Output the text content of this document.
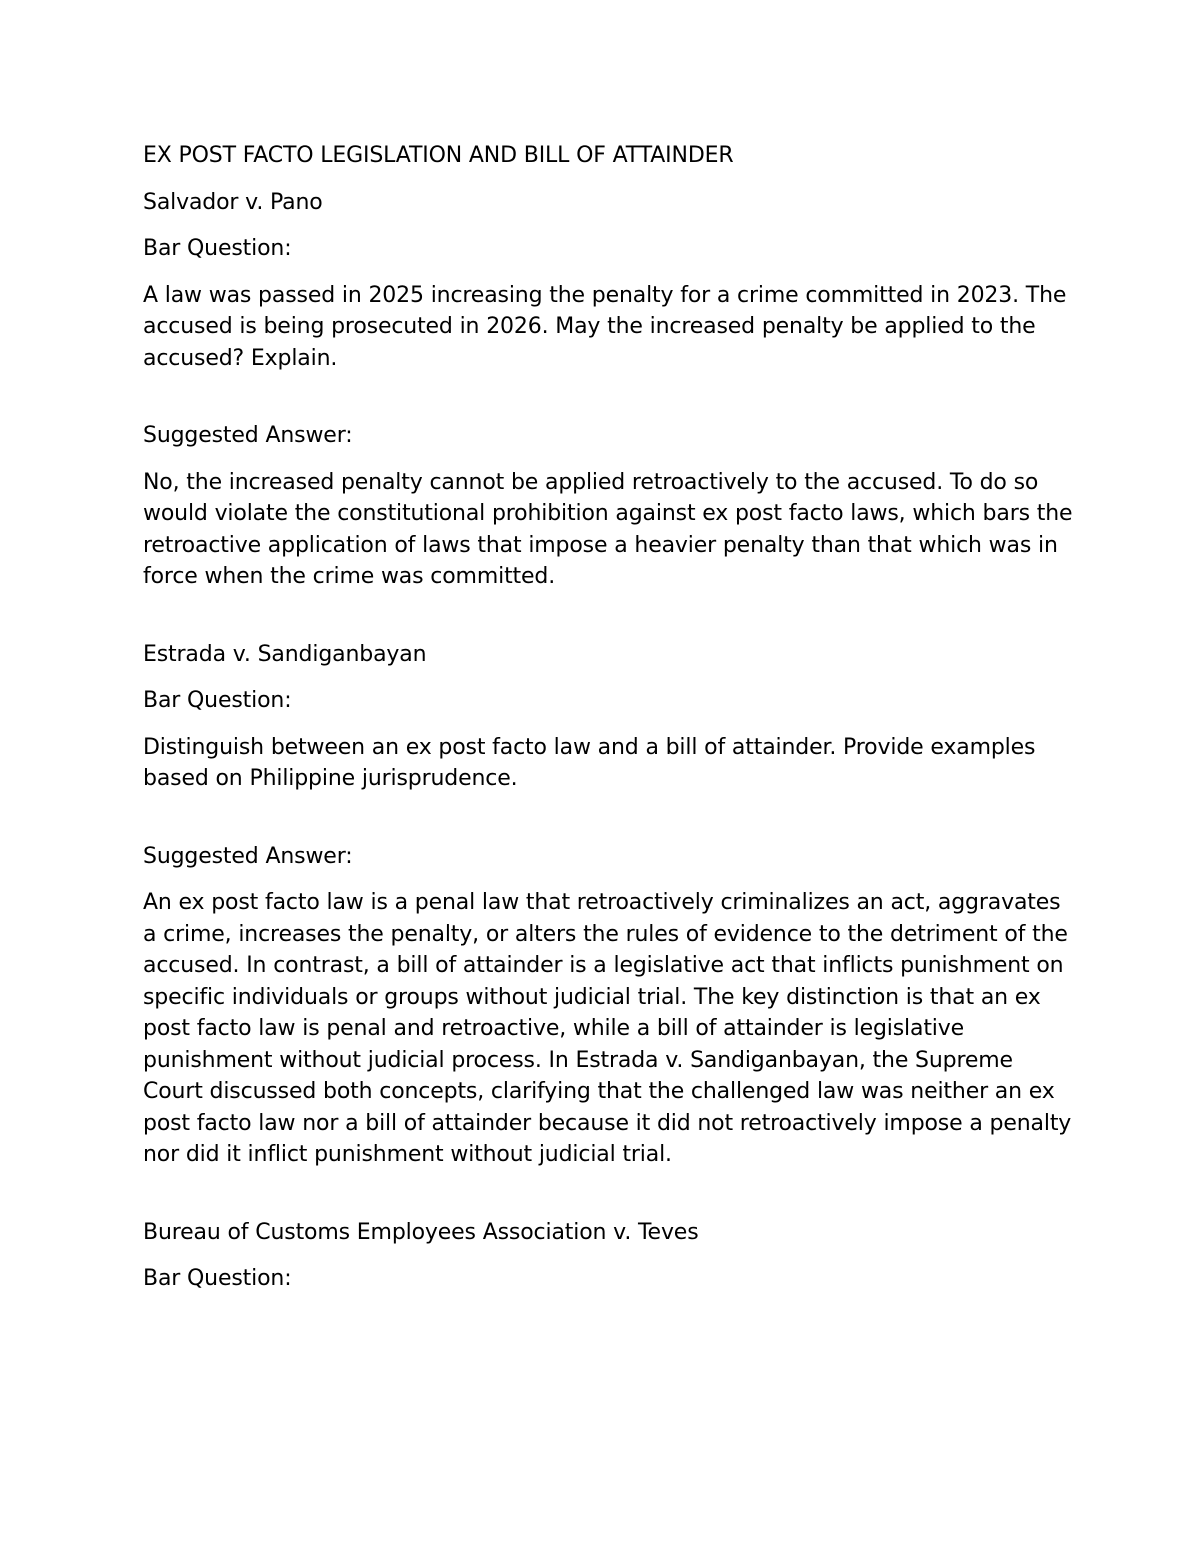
EX POST FACTO LEGISLATION AND BILL OF ATTAINDER

Salvador v. Pano

Bar Question:

A law was passed in 2025 increasing the penalty for a crime committed in 2023. The accused is being prosecuted in 2026. May the increased penalty be applied to the accused? Explain.

Suggested Answer:

No, the increased penalty cannot be applied retroactively to the accused. To do so would violate the constitutional prohibition against ex post facto laws, which bars the retroactive application of laws that impose a heavier penalty than that which was in force when the crime was committed.

Estrada v. Sandiganbayan

Bar Question:

Distinguish between an ex post facto law and a bill of attainder. Provide examples based on Philippine jurisprudence.

Suggested Answer:

An ex post facto law is a penal law that retroactively criminalizes an act, aggravates a crime, increases the penalty, or alters the rules of evidence to the detriment of the accused. In contrast, a bill of attainder is a legislative act that inflicts punishment on specific individuals or groups without judicial trial. The key distinction is that an ex post facto law is penal and retroactive, while a bill of attainder is legislative punishment without judicial process. In Estrada v. Sandiganbayan, the Supreme Court discussed both concepts, clarifying that the challenged law was neither an ex post facto law nor a bill of attainder because it did not retroactively impose a penalty nor did it inflict punishment without judicial trial.

Bureau of Customs Employees Association v. Teves

Bar Question:
